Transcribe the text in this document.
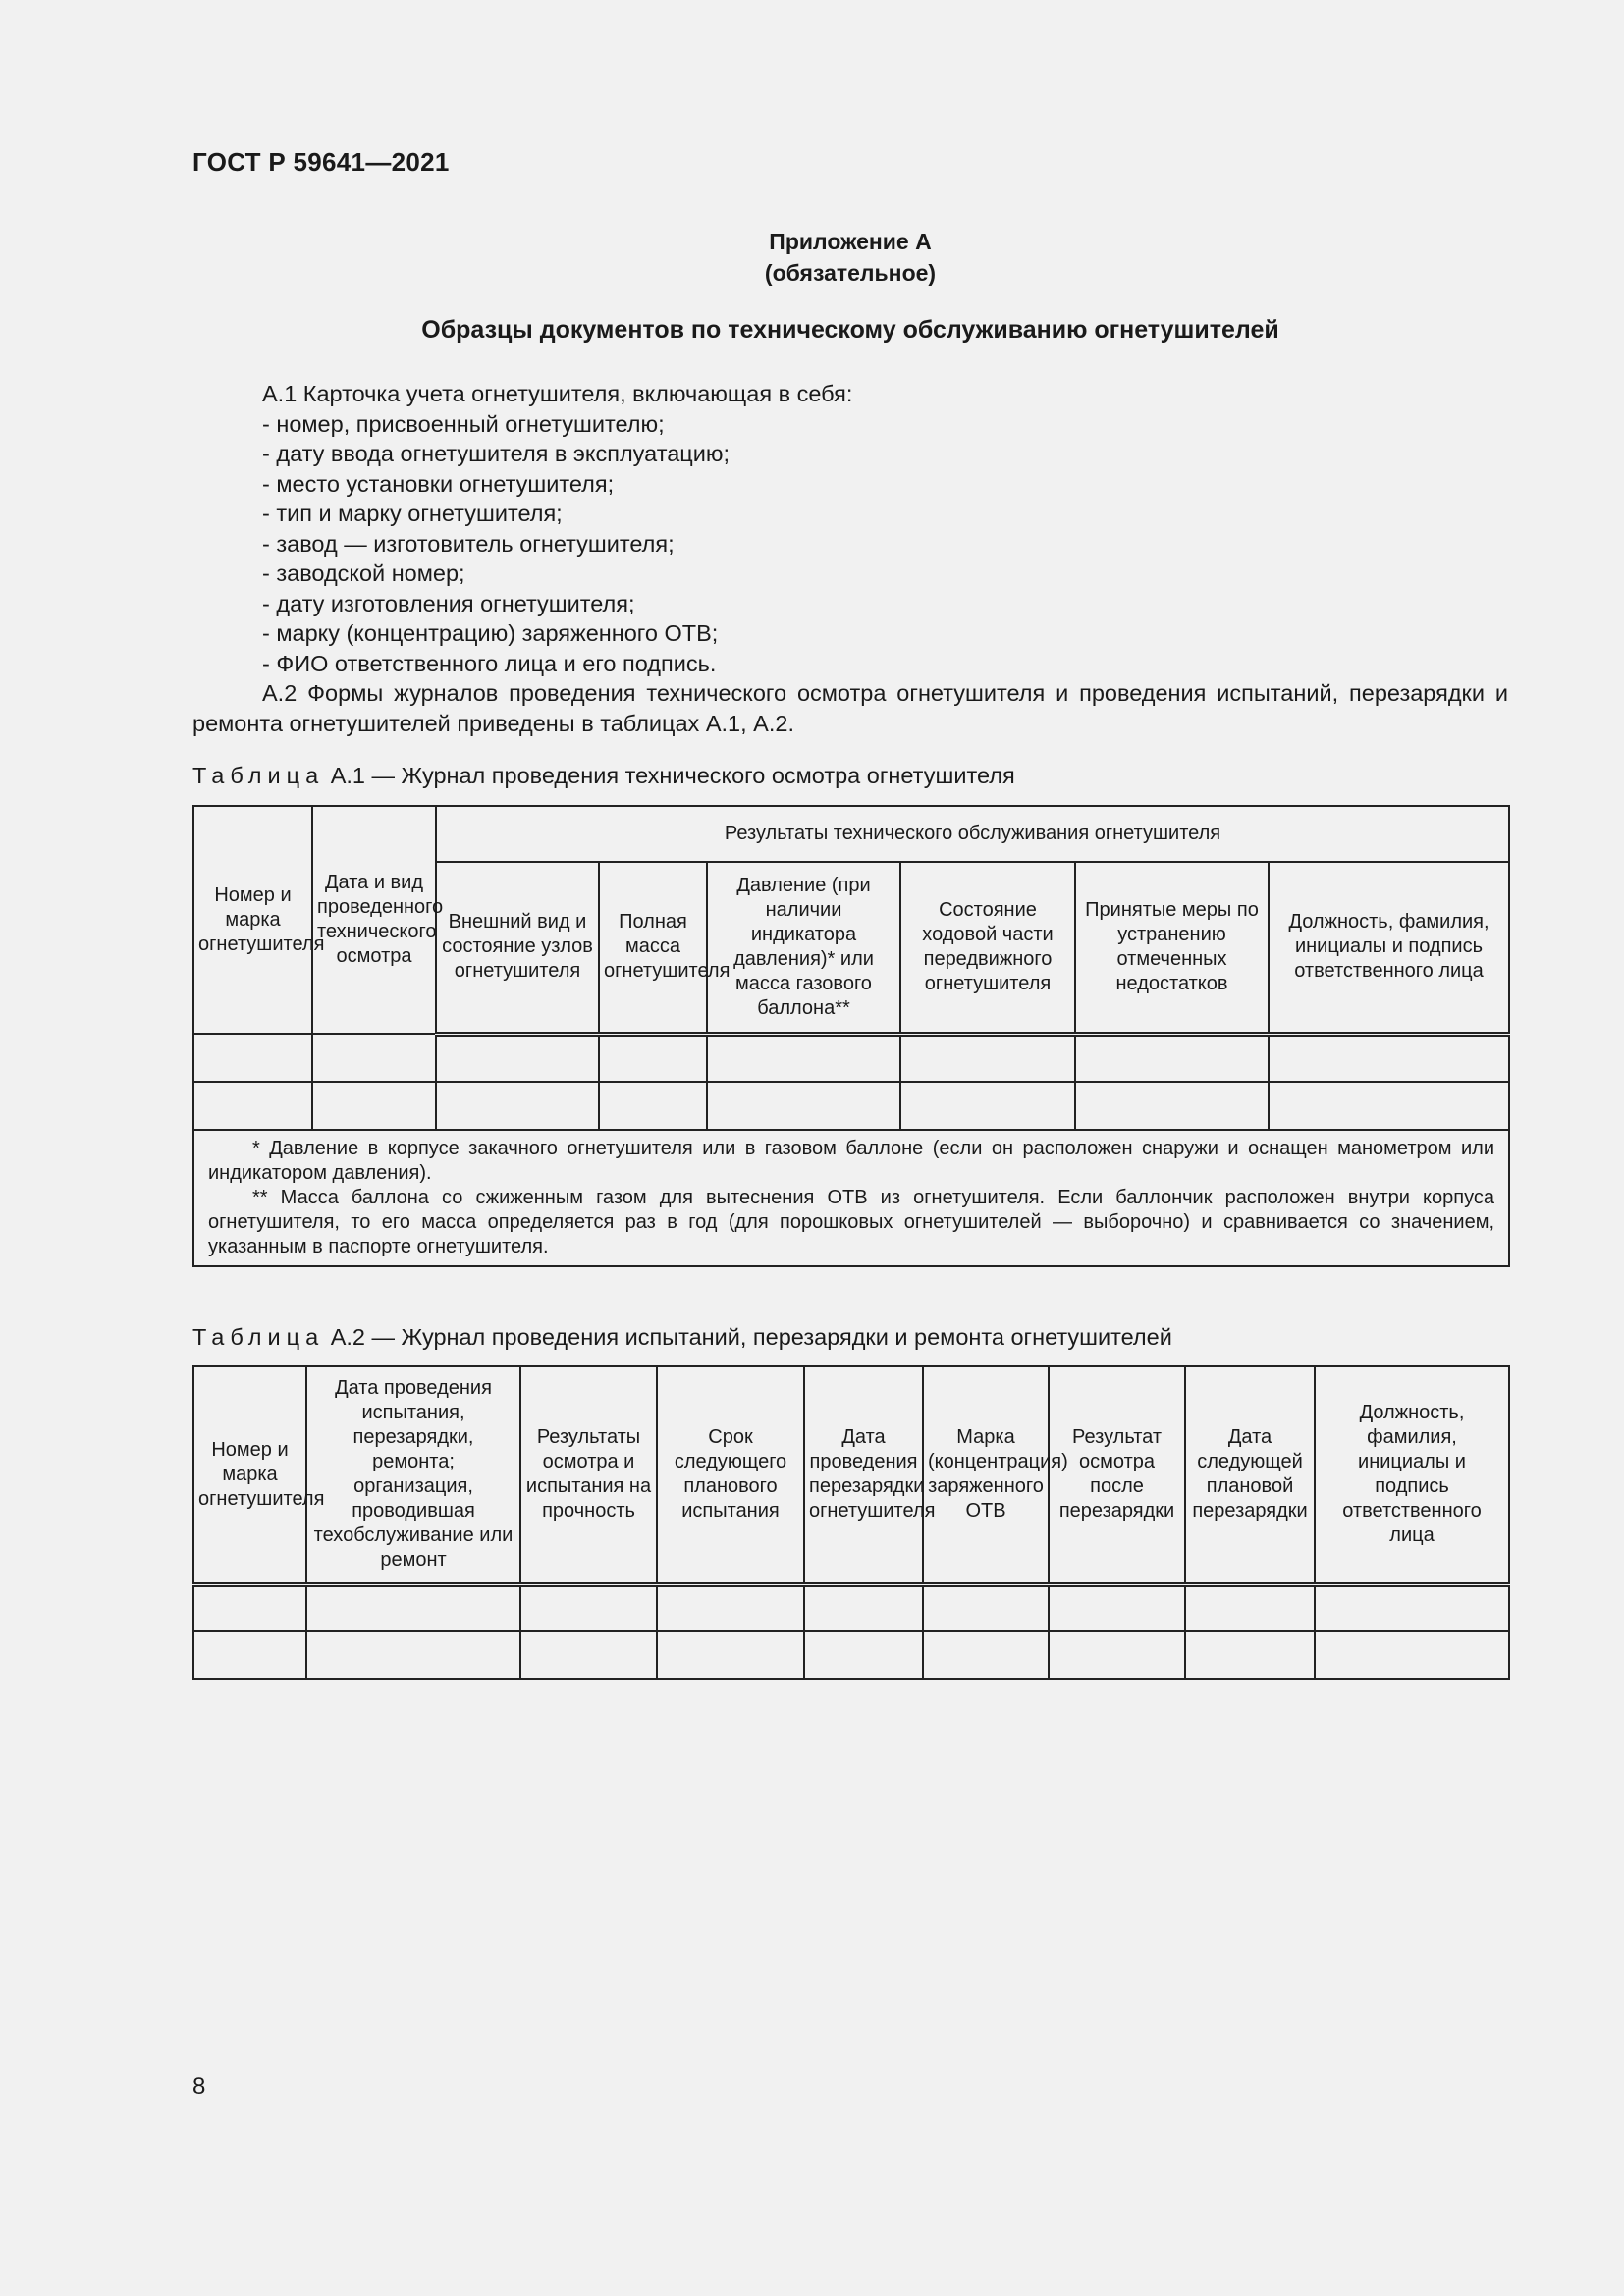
ГОСТ Р 59641—2021
Приложение А
(обязательное)
Образцы документов по техническому обслуживанию огнетушителей

А.1 Карточка учета огнетушителя, включающая в себя:

- номер, присвоенный огнетушителю;

- дату ввода огнетушителя в эксплуатацию;

- место установки огнетушителя;

- тип и марку огнетушителя;

- завод — изготовитель огнетушителя;

- заводской номер;

- дату изготовления огнетушителя;

- марку (концентрацию) заряженного ОТВ;

- ФИО ответственного лица и его подпись.

А.2 Формы журналов проведения технического осмотра огнетушителя и проведения испытаний, перезарядки и ремонта огнетушителей приведены в таблицах А.1, А.2.

Таблица А.1 — Журнал проведения технического осмотра огнетушителя
Номер и марка огнетушителя	Дата и вид проведенного технического осмотра	Результаты технического обслуживания огнетушителя					
		Внешний вид и состояние узлов огнетушителя	Полная масса огнетушителя	Давление (при наличии индикатора давления)* или масса газового баллона**	Состояние ходовой части передвижного огнетушителя	Принятые меры по устранению отмеченных недостатков	Должность, фамилия, инициалы и подпись ответственного лица

* Давление в корпусе закачного огнетушителя или в газовом баллоне (если он расположен снаружи и оснащен манометром или индикатором давления).

** Масса баллона со сжиженным газом для вытеснения ОТВ из огнетушителя. Если баллончик расположен внутри корпуса огнетушителя, то его масса определяется раз в год (для порошковых огнетушителей — выборочно) и сравнивается со значением, указанным в паспорте огнетушителя.							

Таблица А.2 — Журнал проведения испытаний, перезарядки и ремонта огнетушителей
Номер и марка огнетушителя	Дата проведения испытания, перезарядки, ремонта; организация, проводившая техобслуживание или ремонт	Результаты осмотра и испытания на прочность	Срок следующего планового испытания	Дата проведения перезарядки огнетушителя	Марка (концентрация) заряженного ОТВ	Результат осмотра после перезарядки	Дата следующей плановой перезарядки	Должность, фамилия, инициалы и подпись ответственного лица

8
